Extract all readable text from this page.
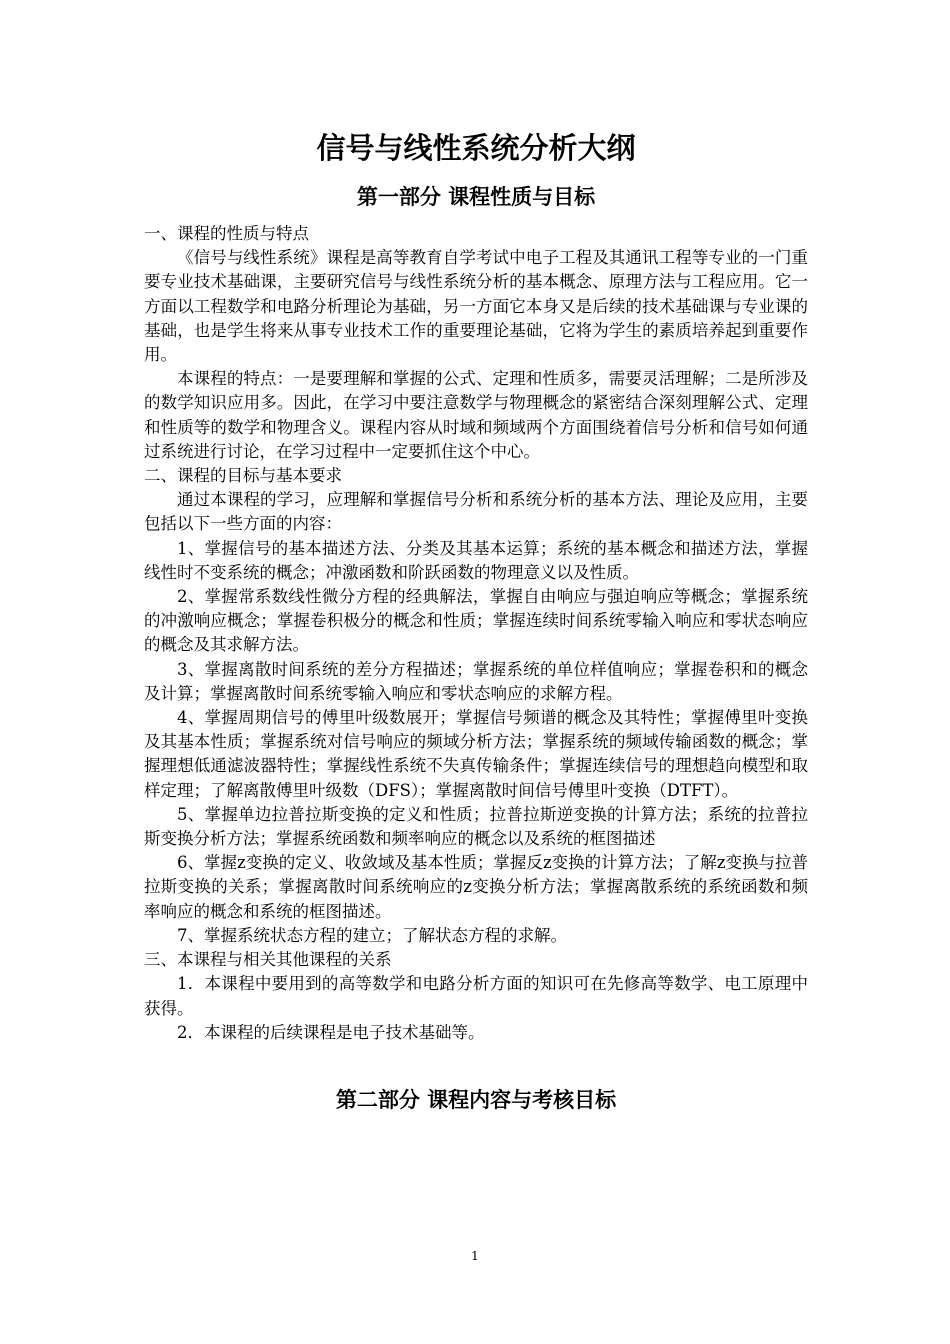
信号与线性系统分析大纲
第一部分 课程性质与目标

一、课程的性质与特点

《信号与线性系统》课程是高等教育自学考试中电子工程及其通讯工程等专业的一门重要专业技术基础课，主要研究信号与线性系统分析的基本概念、原理方法与工程应用。它一方面以工程数学和电路分析理论为基础，另一方面它本身又是后续的技术基础课与专业课的基础，也是学生将来从事专业技术工作的重要理论基础，它将为学生的素质培养起到重要作用。

本课程的特点：一是要理解和掌握的公式、定理和性质多，需要灵活理解；二是所涉及的数学知识应用多。因此，在学习中要注意数学与物理概念的紧密结合深刻理解公式、定理和性质等的数学和物理含义。课程内容从时域和频域两个方面围绕着信号分析和信号如何通过系统进行讨论，在学习过程中一定要抓住这个中心。

二、课程的目标与基本要求

通过本课程的学习，应理解和掌握信号分析和系统分析的基本方法、理论及应用，主要包括以下一些方面的内容：

1、掌握信号的基本描述方法、分类及其基本运算；系统的基本概念和描述方法，掌握线性时不变系统的概念；冲激函数和阶跃函数的物理意义以及性质。

2、掌握常系数线性微分方程的经典解法，掌握自由响应与强迫响应等概念；掌握系统的冲激响应概念；掌握卷积极分的概念和性质；掌握连续时间系统零输入响应和零状态响应的概念及其求解方法。

3、掌握离散时间系统的差分方程描述；掌握系统的单位样值响应；掌握卷积和的概念及计算；掌握离散时间系统零输入响应和零状态响应的求解方程。

4、掌握周期信号的傅里叶级数展开；掌握信号频谱的概念及其特性；掌握傅里叶变换及其基本性质；掌握系统对信号响应的频域分析方法；掌握系统的频域传输函数的概念；掌握理想低通滤波器特性；掌握线性系统不失真传输条件；掌握连续信号的理想趋向模型和取样定理；了解离散傅里叶级数（DFS）；掌握离散时间信号傅里叶变换（DTFT）。

5、掌握单边拉普拉斯变换的定义和性质；拉普拉斯逆变换的计算方法；系统的拉普拉斯变换分析方法；掌握系统函数和频率响应的概念以及系统的框图描述

6、掌握z变换的定义、收敛域及基本性质；掌握反z变换的计算方法；了解z变换与拉普拉斯变换的关系；掌握离散时间系统响应的z变换分析方法；掌握离散系统的系统函数和频率响应的概念和系统的框图描述。

7、掌握系统状态方程的建立；了解状态方程的求解。

三、本课程与相关其他课程的关系

1．本课程中要用到的高等数学和电路分析方面的知识可在先修高等数学、电工原理中获得。

2．本课程的后续课程是电子技术基础等。

第二部分 课程内容与考核目标
1
